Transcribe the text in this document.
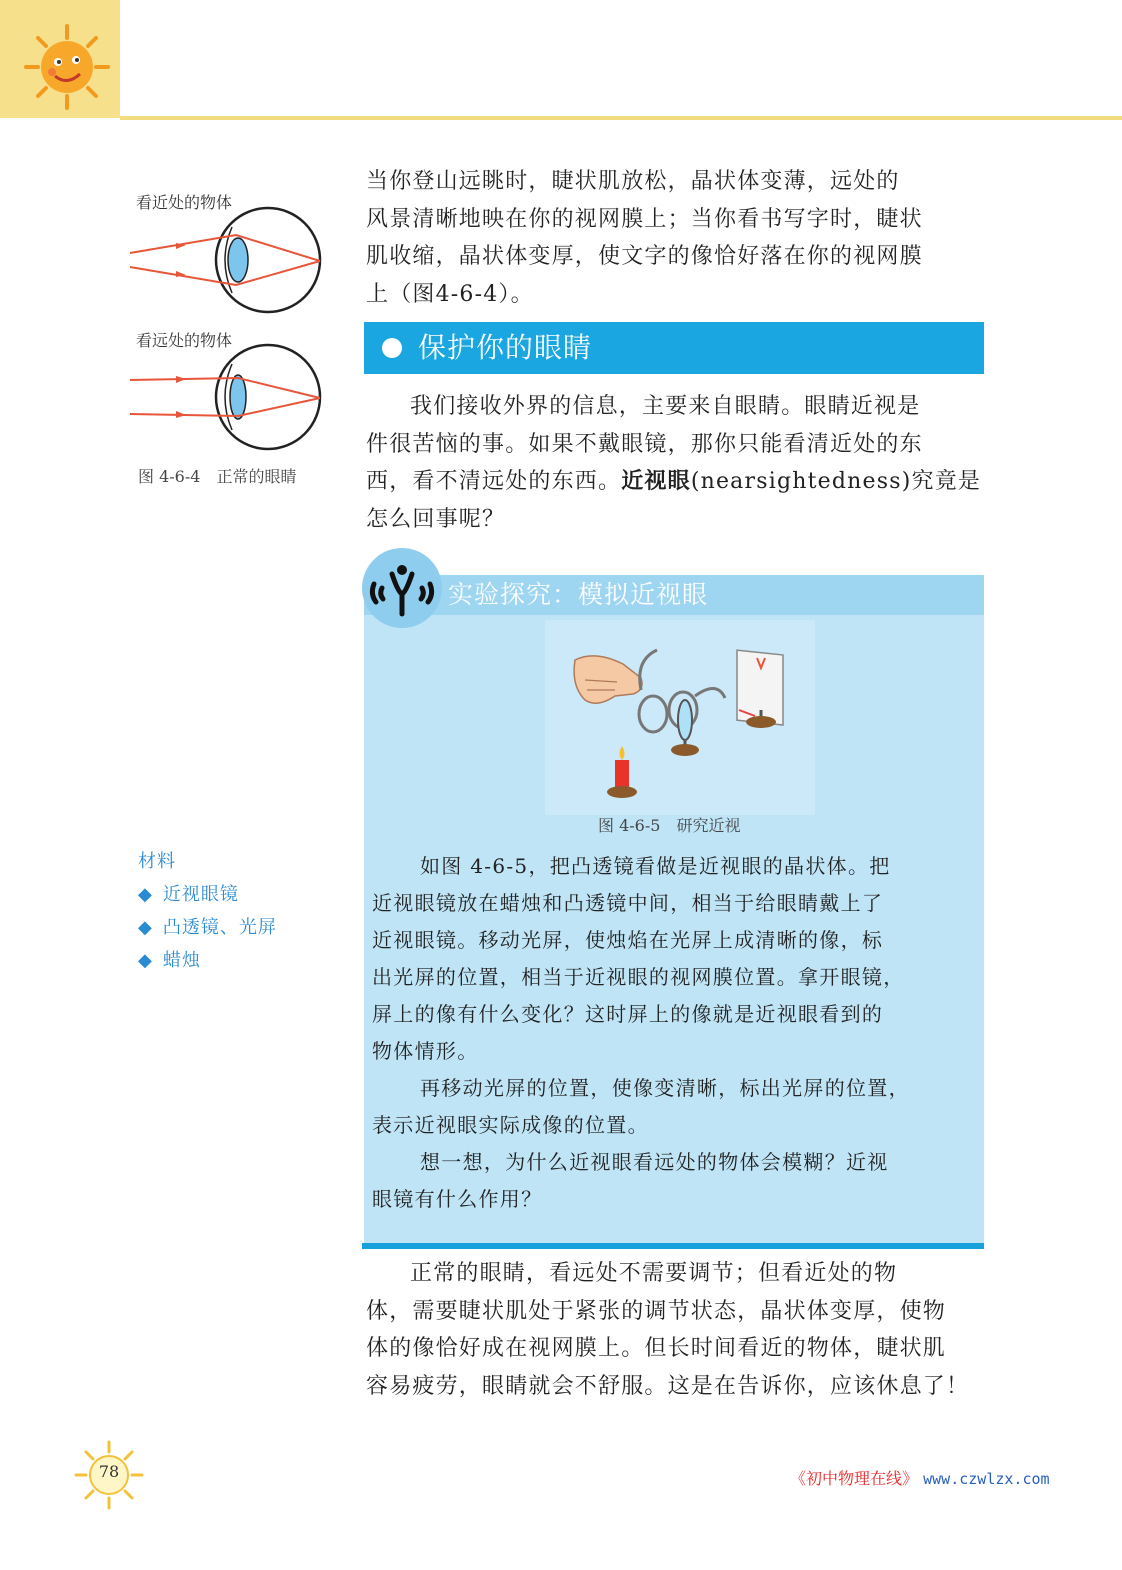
看近处的物体
看远处的物体
图 4-6-4　正常的眼睛

当你登山远眺时，睫状肌放松，晶状体变薄，远处的

风景清晰地映在你的视网膜上；当你看书写字时，睫状

肌收缩，晶状体变厚，使文字的像恰好落在你的视网膜

上（图4-6-4）。

保护你的眼睛

我们接收外界的信息，主要来自眼睛。眼睛近视是

件很苦恼的事。如果不戴眼镜，那你只能看清近处的东

西，看不清远处的东西。近视眼(nearsightedness)究竟是

怎么回事呢？

实验探究：模拟近视眼
图 4-6-5　研究近视

如图 4-6-5，把凸透镜看做是近视眼的晶状体。把

近视眼镜放在蜡烛和凸透镜中间，相当于给眼睛戴上了

近视眼镜。移动光屏，使烛焰在光屏上成清晰的像，标

出光屏的位置，相当于近视眼的视网膜位置。拿开眼镜，

屏上的像有什么变化？这时屏上的像就是近视眼看到的

物体情形。

再移动光屏的位置，使像变清晰，标出光屏的位置，

表示近视眼实际成像的位置。

想一想，为什么近视眼看远处的物体会模糊？近视

眼镜有什么作用？

材料
◆ 近视眼镜
◆ 凸透镜、光屏
◆ 蜡烛

正常的眼睛，看远处不需要调节；但看近处的物

体，需要睫状肌处于紧张的调节状态，晶状体变厚，使物

体的像恰好成在视网膜上。但长时间看近的物体，睫状肌

容易疲劳，眼睛就会不舒服。这是在告诉你，应该休息了！

78	《初中物理在线》 www.czwlzx.com
